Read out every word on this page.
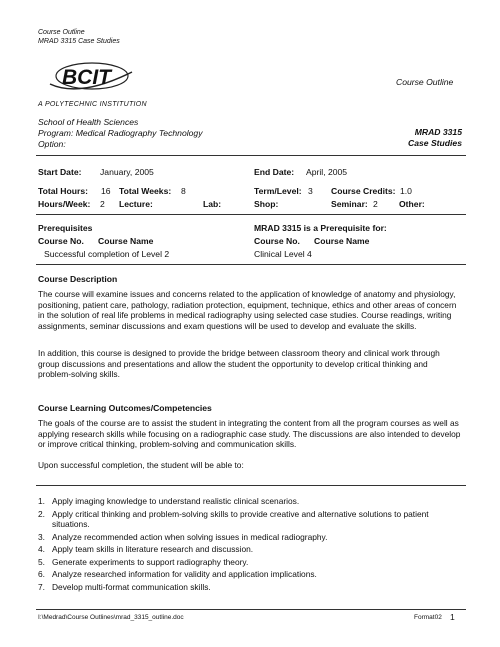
Course Outline
MRAD 3315 Case Studies
BCIT
A POLYTECHNIC INSTITUTION
Course Outline
School of Health Sciences
Program: Medical Radiography Technology
Option:
MRAD 3315
Case Studies
Start Date: January, 2005	End Date: April, 2005
Total Hours: 16 Total Weeks: 8	Term/Level: 3 Course Credits: 1.0
Hours/Week: 2 Lecture:	Lab:	Shop:	Seminar: 2 Other:
Prerequisites
Course No. Course Name
Successful completion of Level 2
MRAD 3315 is a Prerequisite for:
Course No. Course Name
Clinical Level 4
Course Description
The course will examine issues and concerns related to the application of knowledge of anatomy and physiology, positioning, patient care, pathology, radiation protection, equipment, technique, ethics and other areas of concern in the solution of real life problems in medical radiography using selected case studies. Course readings, writing assignments, seminar discussions and exam questions will be used to develop and evaluate the skills.
In addition, this course is designed to provide the bridge between classroom theory and clinical work through group discussions and presentations and allow the student the opportunity to develop critical thinking and problem-solving skills.
Course Learning Outcomes/Competencies
The goals of the course are to assist the student in integrating the content from all the program courses as well as applying research skills while focusing on a radiographic case study. The discussions are also intended to develop or improve critical thinking, problem-solving and communication skills.
Upon successful completion, the student will be able to:
1. Apply imaging knowledge to understand realistic clinical scenarios.
2. Apply critical thinking and problem-solving skills to provide creative and alternative solutions to patient situations.
3. Analyze recommended action when solving issues in medical radiography.
4. Apply team skills in literature research and discussion.
5. Generate experiments to support radiography theory.
6. Analyze researched information for validity and application implications.
7. Develop multi-format communication skills.
I:\Medrad\Course Outlines\mrad_3315_outline.doc	Format02 1
